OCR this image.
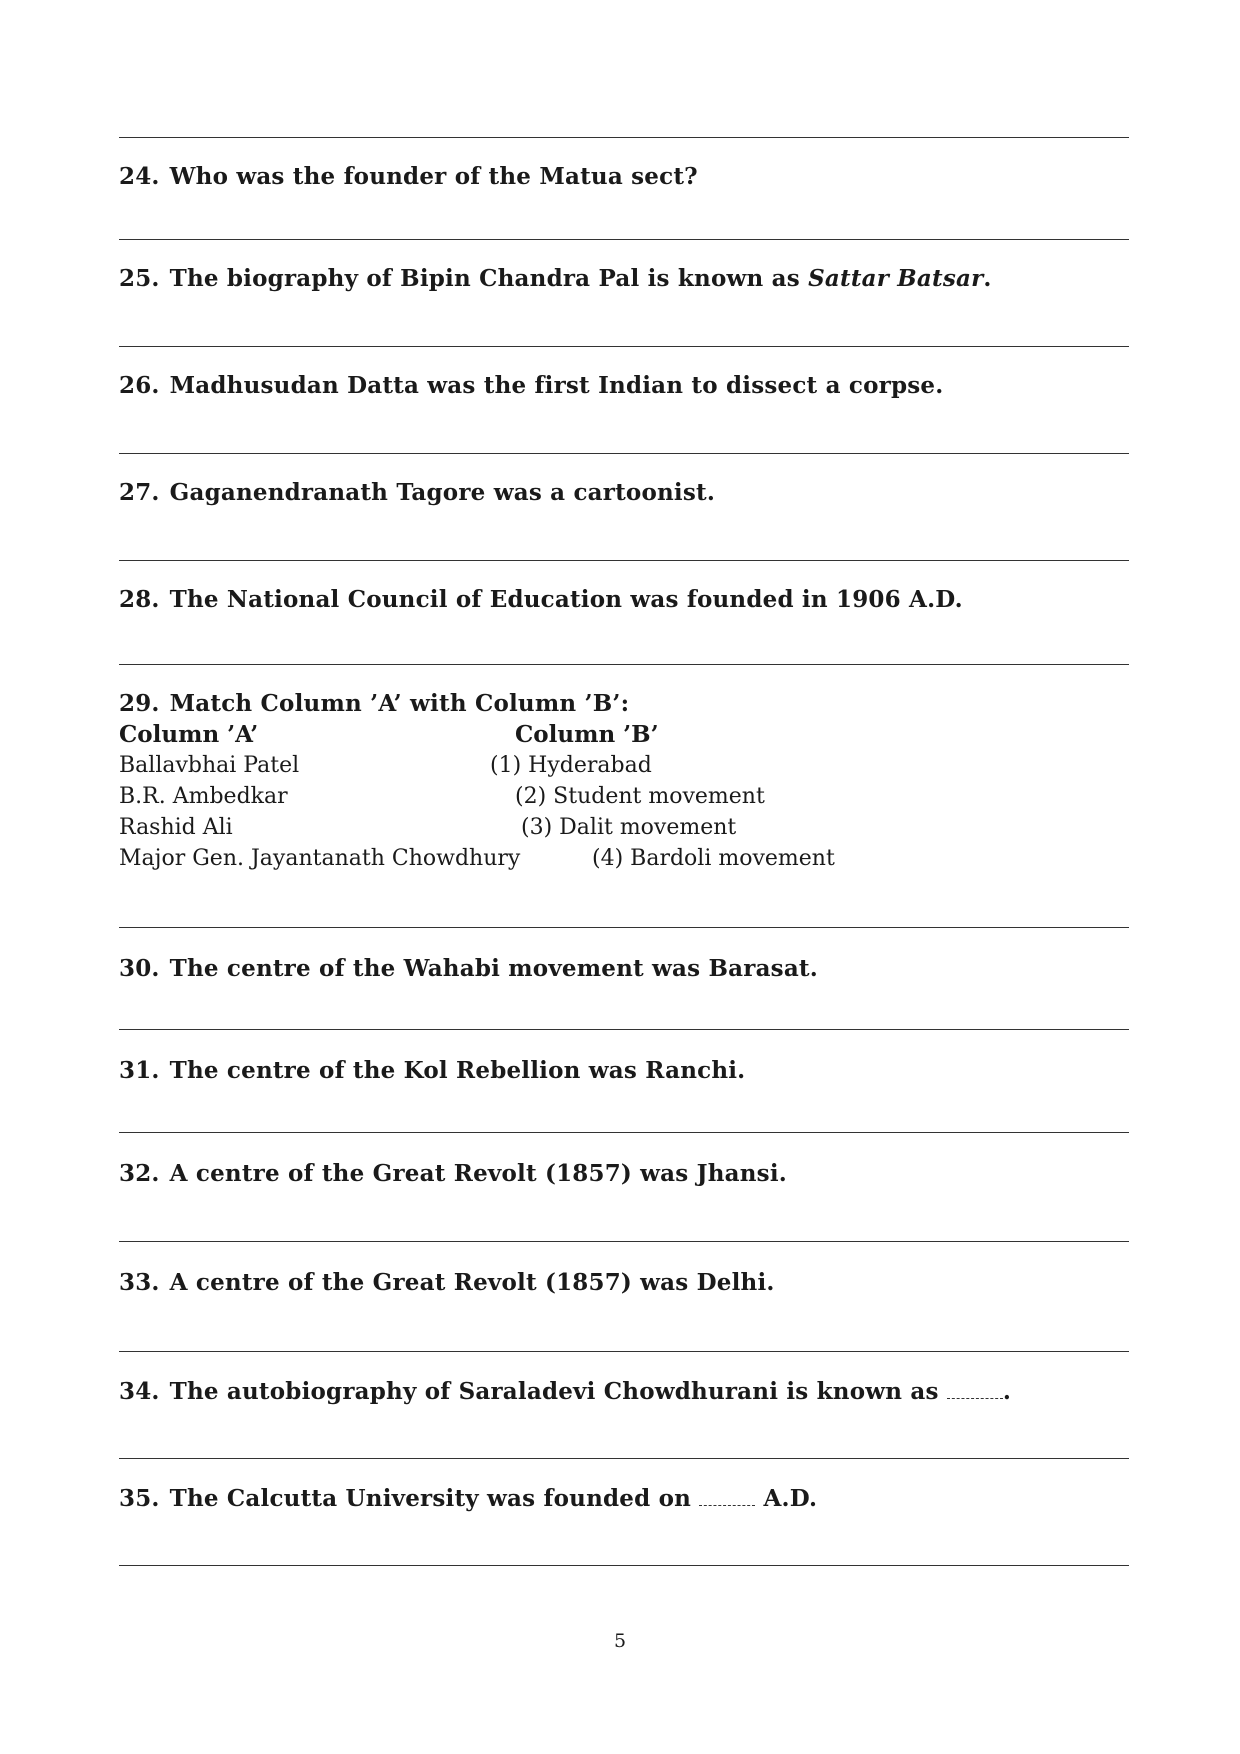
24. Who was the founder of the Matua sect?
25. The biography of Bipin Chandra Pal is known as Sattar Batsar.
26. Madhusudan Datta was the first Indian to dissect a corpse.
27. Gaganendranath Tagore was a cartoonist.
28. The National Council of Education was founded in 1906 A.D.
29. Match Column ’A’ with Column ’B’:
Column ’A’	Column ’B’
Ballavbhai Patel
B.R. Ambedkar
Rashid Ali
Major Gen. Jayantanath Chowdhury
(1) Hyderabad
(2) Student movement
(3) Dalit movement
(4) Bardoli movement
30. The centre of the Wahabi movement was Barasat.
31. The centre of the Kol Rebellion was Ranchi.
32. A centre of the Great Revolt (1857) was Jhansi.
33. A centre of the Great Revolt (1857) was Delhi.
34. The autobiography of Saraladevi Chowdhurani is known as .
35. The Calcutta University was founded on  A.D.
5
